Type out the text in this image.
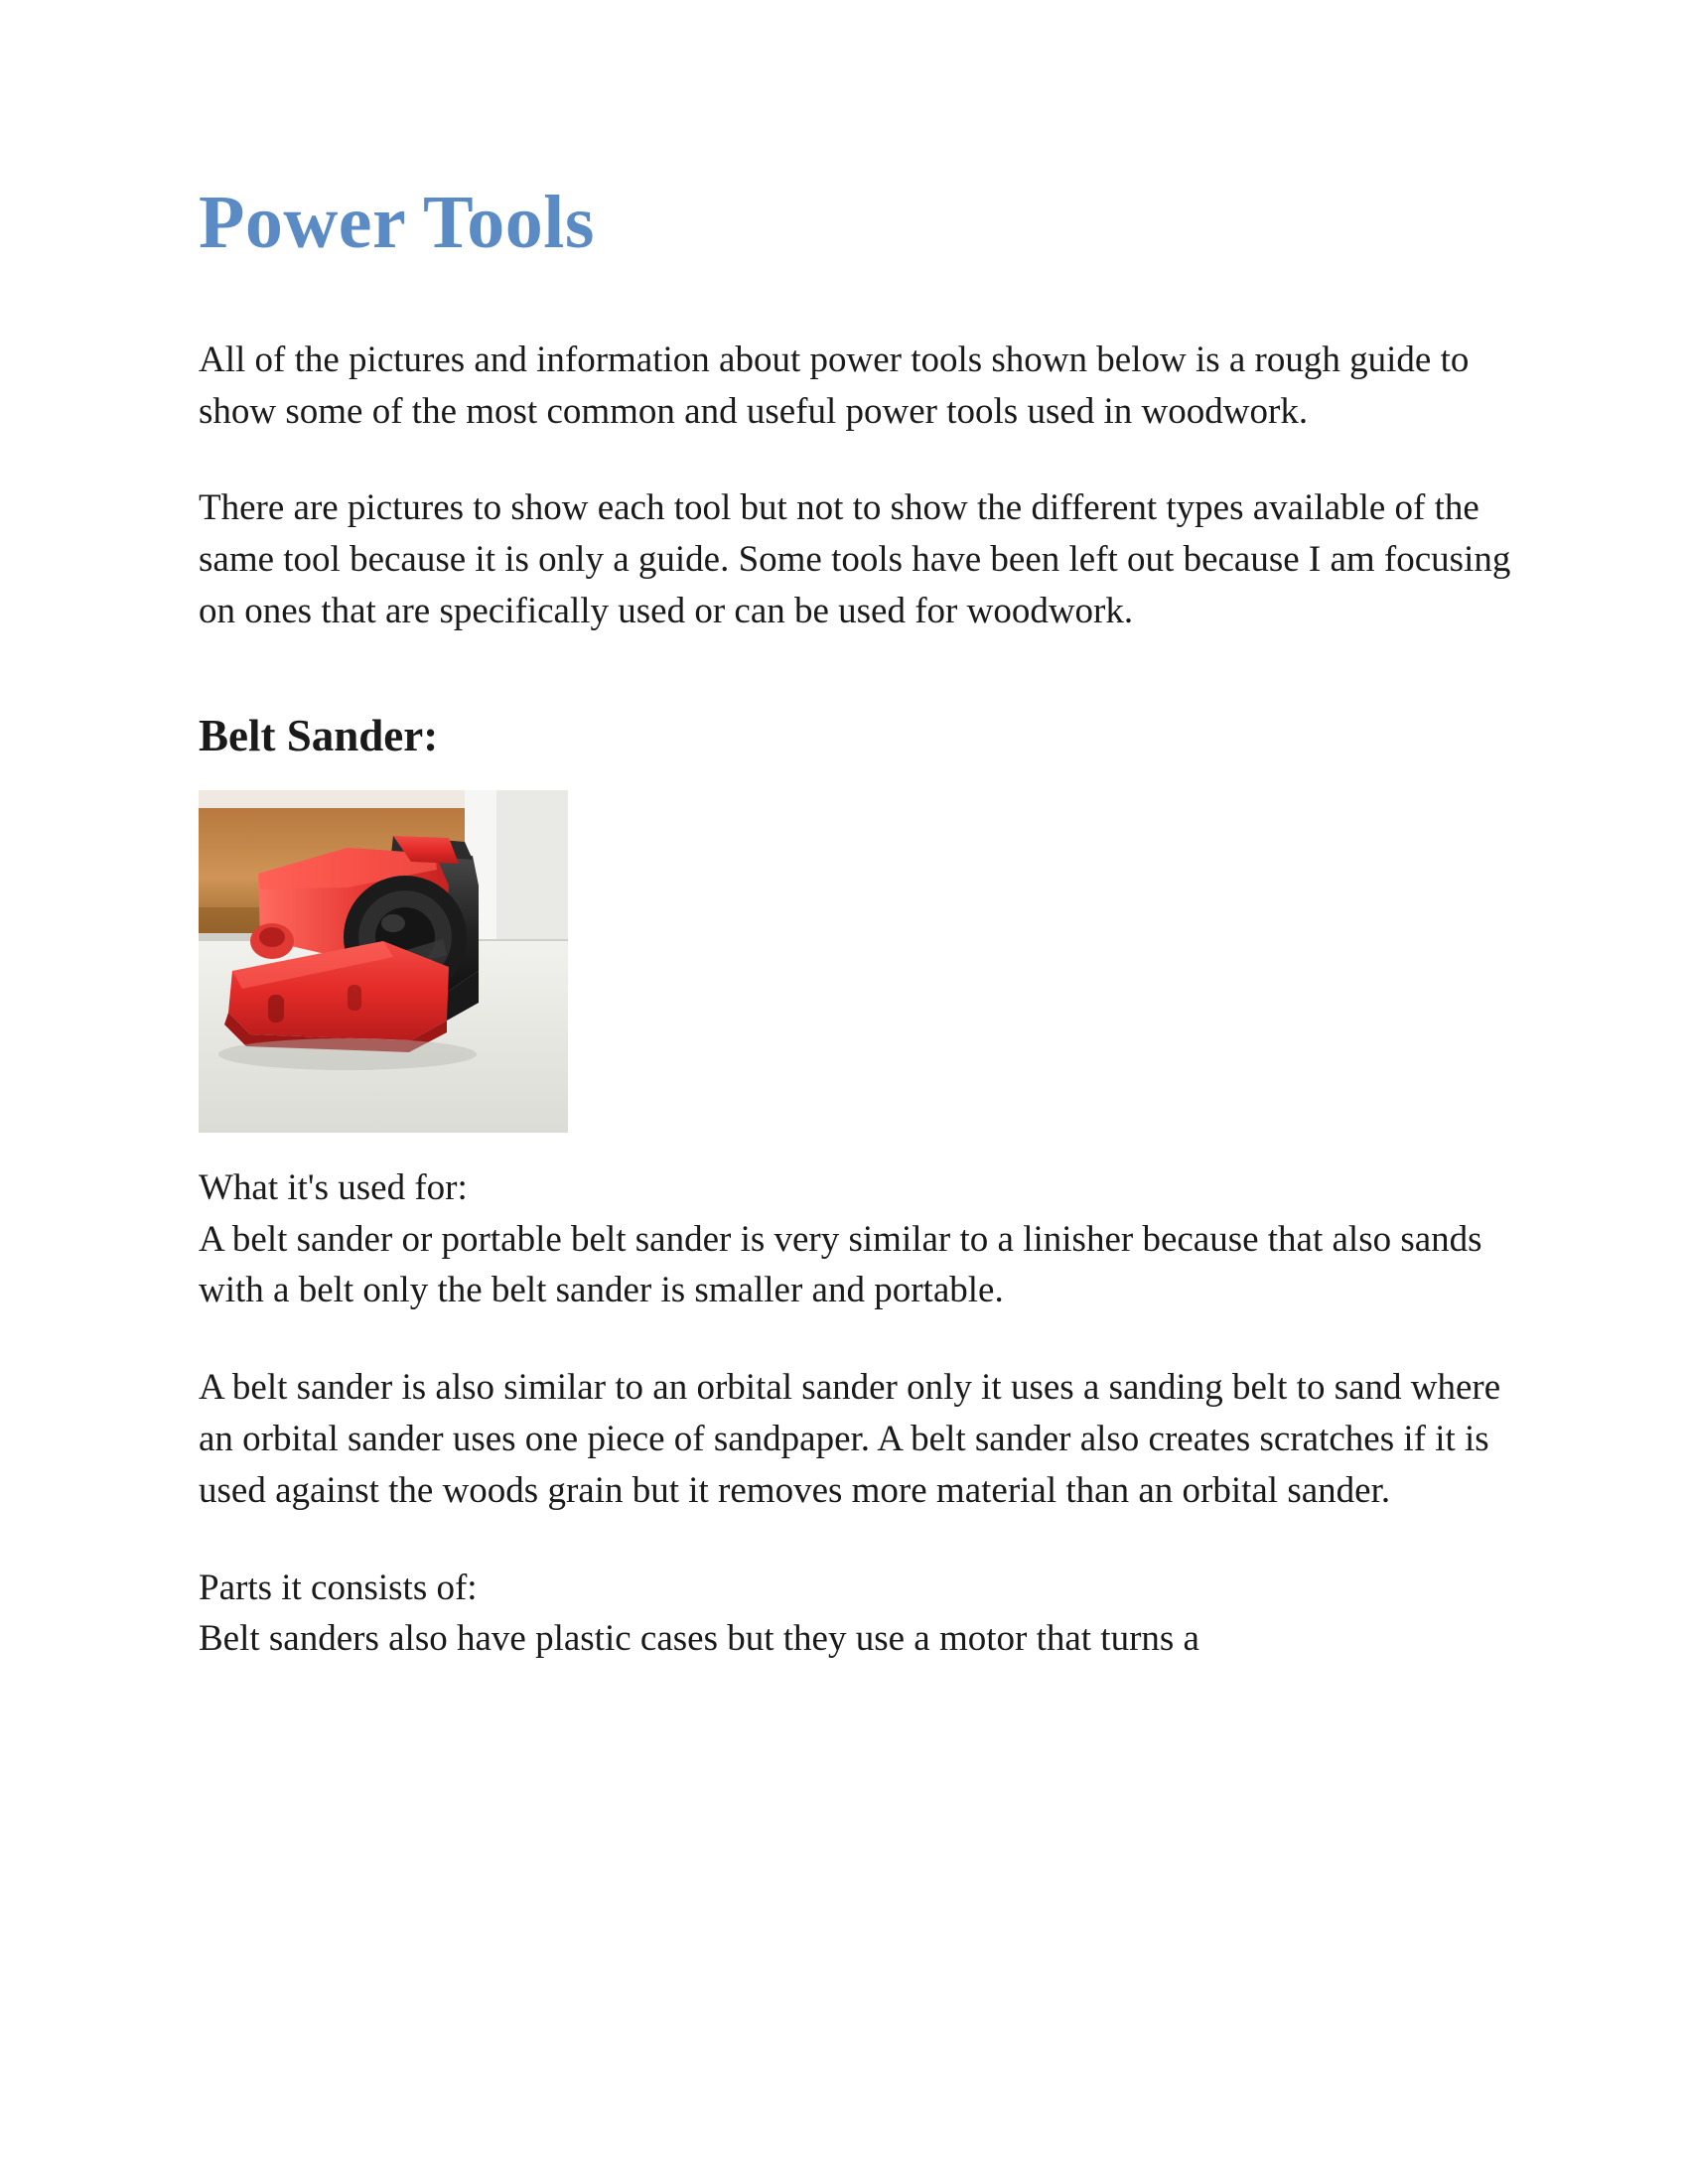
Power Tools

All of the pictures and information about power tools shown below is a rough guide to show some of the most common and useful power tools used in woodwork.

There are pictures to show each tool but not to show the different types available of the same tool because it is only a guide. Some tools have been left out because I am focusing on ones that are specifically used or can be used for woodwork.

Belt Sander:

What it's used for:

A belt sander or portable belt sander is very similar to a linisher because that also sands with a belt only the belt sander is smaller and portable.

A belt sander is also similar to an orbital sander only it uses a sanding belt to sand where an orbital sander uses one piece of sandpaper. A belt sander also creates scratches if it is used against the woods grain but it removes more material than an orbital sander.

Parts it consists of:

Belt sanders also have plastic cases but they use a motor that turns a
